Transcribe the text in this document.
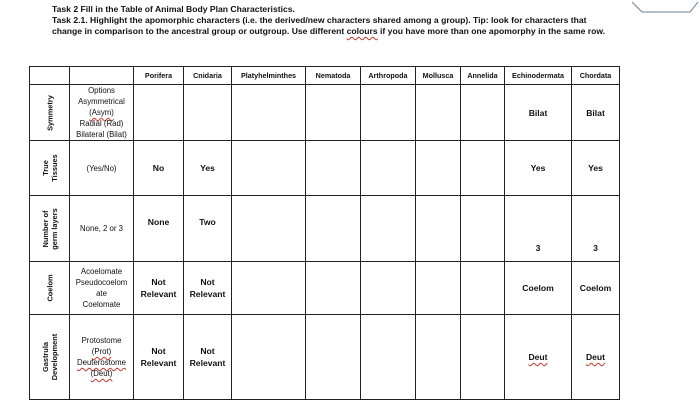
Task 2 Fill in the Table of Animal Body Plan Characteristics.
Task 2.1. Highlight the apomorphic characters (i.e. the derived/new characters shared among a group). Tip: look for characters that
change in comparison to the ancestral group or outgroup. Use different colours if you have more than one apomorphy in the same row.
		Porifera	Cnidaria	Platyhelminthes	Nematoda	Arthropoda	Mollusca	Annelida	Echinodermata	Chordata

Symmetry	Options
Asymmetrical
(Asym)
Radial (Rad)
Bilateral (Bilat)								Bilat	Bilat

True
Tissues	(Yes/No)	No	Yes						Yes	Yes

Number of
germ layers	None, 2 or 3	None	Two						3	3

Coelom	Acoelomate
Pseudocoelom
ate
Coelomate	Not
Relevant	Not
Relevant						Coelom	Coelom

Gastrula
Development	Protostome
(Prot)
Deuterostome
(Deut)	Not
Relevant	Not
Relevant						Deut	Deut
